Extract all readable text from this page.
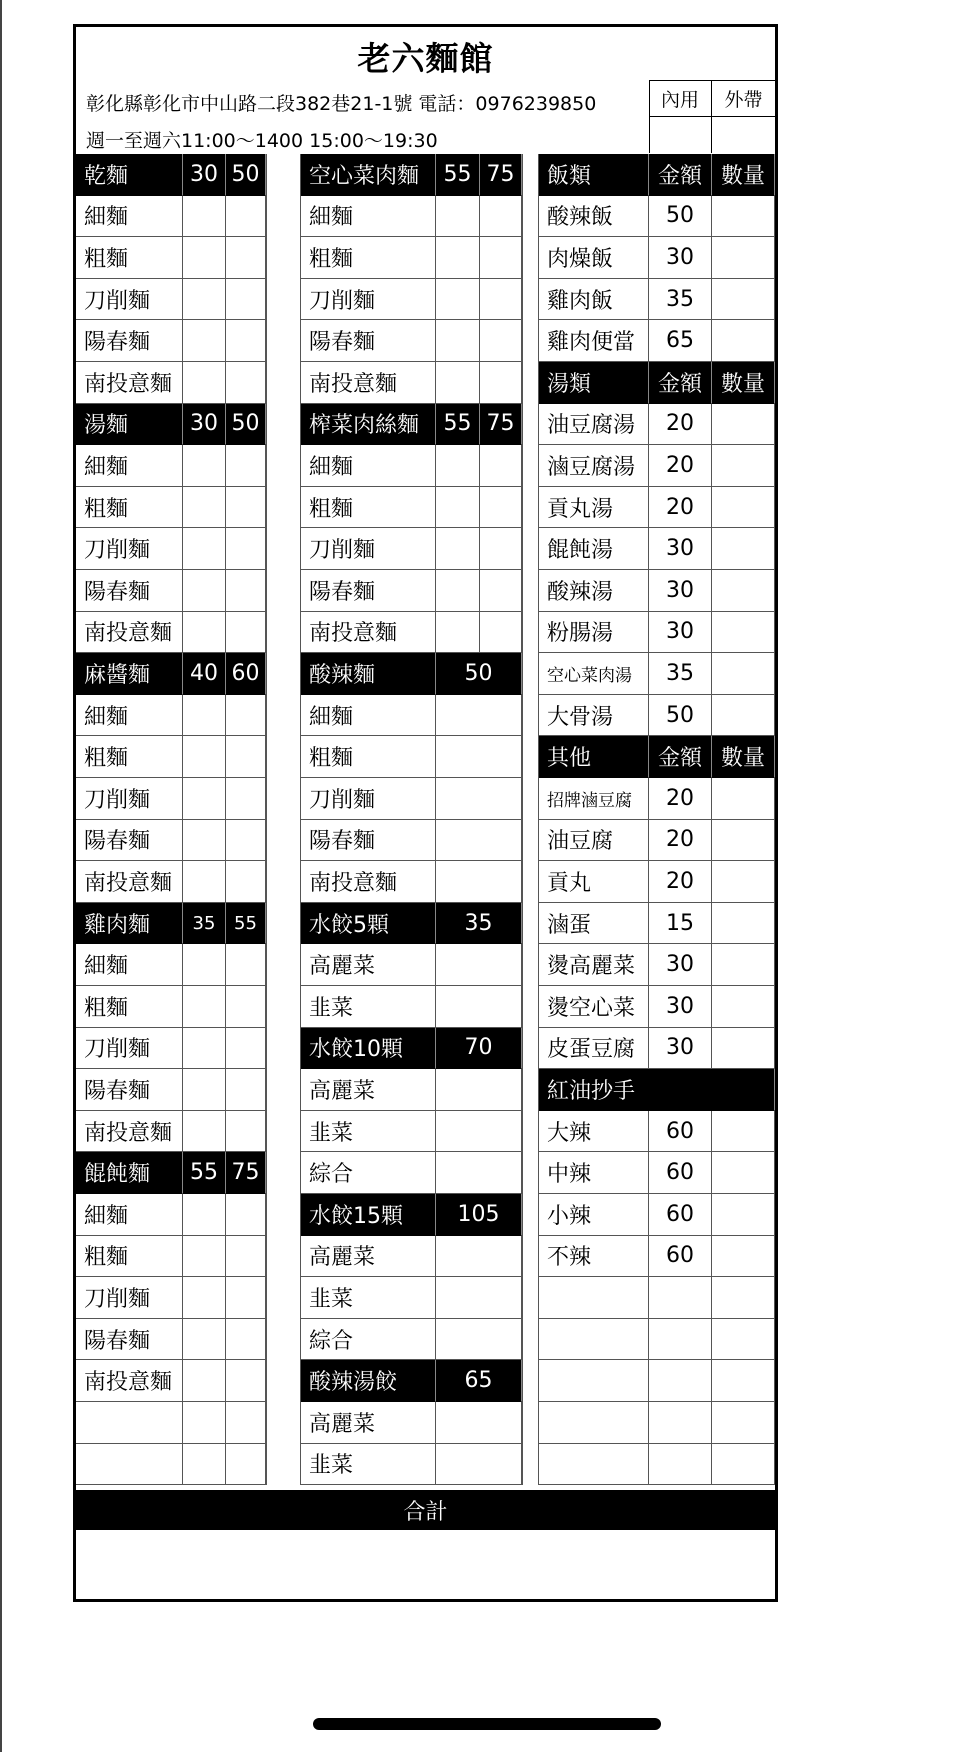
老六麵館
彰化縣彰化市中山路二段382巷21-1號 電話：0976239850
週一至週六11:00～1400 15:00～19:30
內用	外帶
乾麵	30 50
細麵
粗麵
刀削麵
陽春麵
南投意麵
湯麵	30 50
細麵
粗麵
刀削麵
陽春麵
南投意麵
麻醬麵	40 60
細麵
粗麵
刀削麵
陽春麵
南投意麵
雞肉麵	35	55
細麵
粗麵
刀削麵
陽春麵
南投意麵
餛飩麵	55 75
細麵
粗麵
刀削麵
陽春麵
南投意麵
空心菜肉麵	55 75
細麵
粗麵
刀削麵
陽春麵
南投意麵
榨菜肉絲麵	55 75
細麵
粗麵
刀削麵
陽春麵
南投意麵
酸辣麵	50
細麵
粗麵
刀削麵
陽春麵
南投意麵
水餃5顆	35
高麗菜
韭菜
水餃10顆	70
高麗菜
韭菜
綜合
水餃15顆	105
高麗菜
韭菜
綜合
酸辣湯餃	65
高麗菜
韭菜
飯類	金額 數量
酸辣飯	50
肉燥飯	30
雞肉飯	35
雞肉便當	65
湯類	金額 數量
油豆腐湯	20
滷豆腐湯	20
貢丸湯	20
餛飩湯	30
酸辣湯	30
粉腸湯	30
空心菜肉湯	35
大骨湯	50
其他	金額 數量
招牌滷豆腐	20
油豆腐	20
貢丸	20
滷蛋	15
燙高麗菜	30
燙空心菜	30
皮蛋豆腐	30
紅油抄手
大辣	60
中辣	60
小辣	60
不辣	60
合計
